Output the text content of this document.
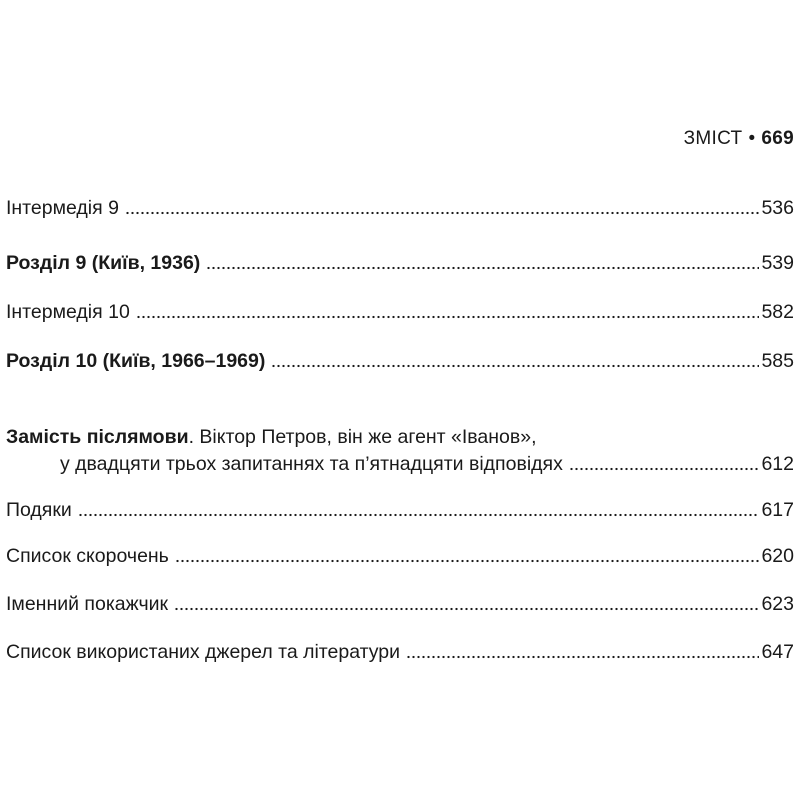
ЗМІСТ • 669
Інтермедія 9	536
Розділ 9 (Київ, 1936)	539
Інтермедія 10	582
Розділ 10 (Київ, 1966–1969)	585
Замість післямови. Віктор Петров, він же агент «Іванов»,
у двадцяти трьох запитаннях та п’ятнадцяти відповідях	612
Подяки	617
Список скорочень	620
Іменний покажчик	623
Список використаних джерел та літератури	647
